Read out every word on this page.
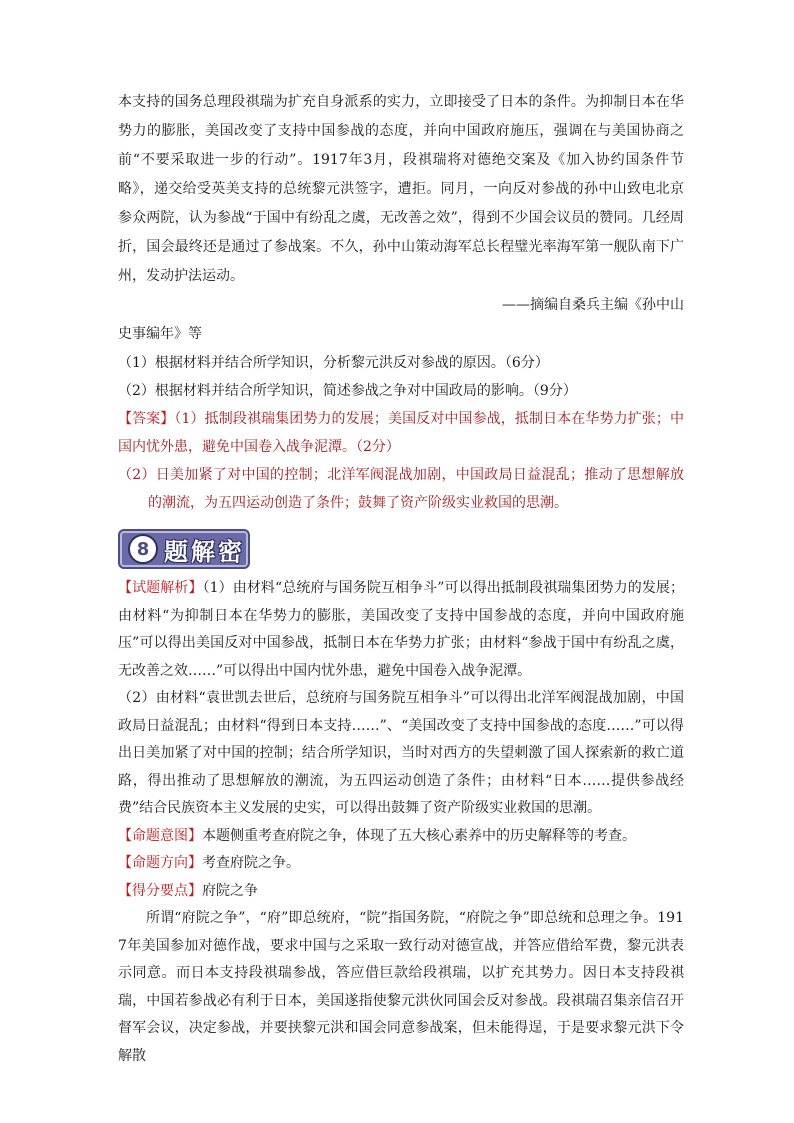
本支持的国务总理段祺瑞为扩充自身派系的实力，立即接受了日本的条件。为抑制日本在华势力的膨胀，美国改变了支持中国参战的态度，并向中国政府施压，强调在与美国协商之前“不要采取进一步的行动”。1917年3月，段祺瑞将对德绝交案及《加入协约国条件节略》，递交给受英美支持的总统黎元洪签字，遭拒。同月，一向反对参战的孙中山致电北京参众两院，认为参战“于国中有纷乱之虞，无改善之效”，得到不少国会议员的赞同。几经周折，国会最终还是通过了参战案。不久，孙中山策动海军总长程璧光率海军第一舰队南下广州，发动护法运动。

——摘编自桑兵主编《孙中山

史事编年》等

（1）根据材料并结合所学知识，分析黎元洪反对参战的原因。（6分）

（2）根据材料并结合所学知识，简述参战之争对中国政局的影响。（9分）

【答案】（1）抵制段祺瑞集团势力的发展；美国反对中国参战，抵制日本在华势力扩张；中国内忧外患，避免中国卷入战争泥潭。（2分）

（2）日美加紧了对中国的控制；北洋军阀混战加剧，中国政局日益混乱；推动了思想解放的潮流，为五四运动创造了条件；鼓舞了资产阶级实业救国的思潮。

8 题解密

【试题解析】（1）由材料“总统府与国务院互相争斗”可以得出抵制段祺瑞集团势力的发展；由材料“为抑制日本在华势力的膨胀，美国改变了支持中国参战的态度，并向中国政府施压”可以得出美国反对中国参战，抵制日本在华势力扩张；由材料“参战于国中有纷乱之虞，无改善之效……”可以得出中国内忧外患，避免中国卷入战争泥潭。

（2）由材料“袁世凯去世后，总统府与国务院互相争斗”可以得出北洋军阀混战加剧，中国政局日益混乱；由材料“得到日本支持……”、“美国改变了支持中国参战的态度……”可以得出日美加紧了对中国的控制；结合所学知识，当时对西方的失望刺激了国人探索新的救亡道路，得出推动了思想解放的潮流，为五四运动创造了条件；由材料“日本……提供参战经费”结合民族资本主义发展的史实，可以得出鼓舞了资产阶级实业救国的思潮。

【命题意图】本题侧重考查府院之争，体现了五大核心素养中的历史解释等的考查。

【命题方向】考查府院之争。

【得分要点】府院之争

所谓“府院之争”，“府”即总统府，“院”指国务院，“府院之争”即总统和总理之争。1917年美国参加对德作战，要求中国与之采取一致行动对德宣战，并答应借给军费，黎元洪表示同意。而日本支持段祺瑞参战，答应借巨款给段祺瑞，以扩充其势力。因日本支持段祺瑞，中国若参战必有利于日本，美国遂指使黎元洪伙同国会反对参战。段祺瑞召集亲信召开督军会议，决定参战，并要挟黎元洪和国会同意参战案，但未能得逞，于是要求黎元洪下令解散
